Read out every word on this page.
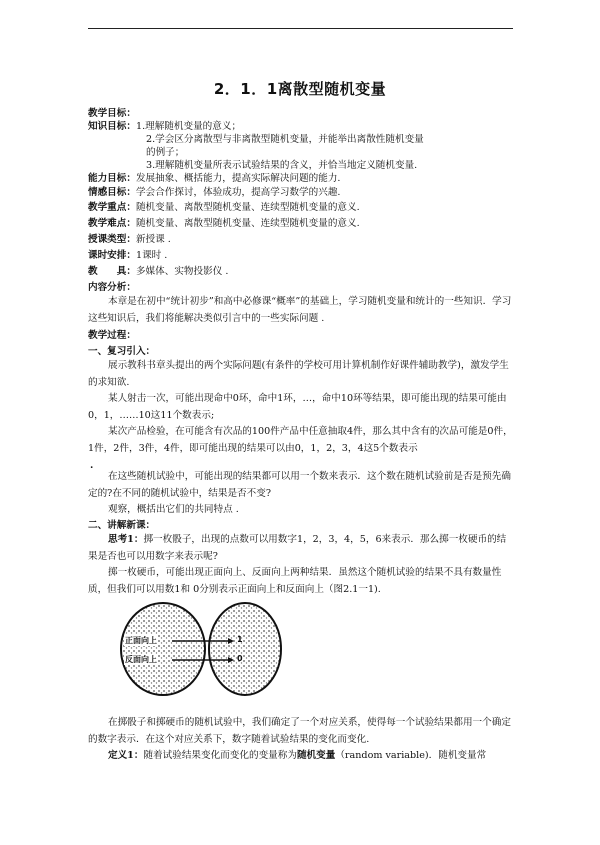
2．1．1离散型随机变量
教学目标：
知识目标：1.理解随机变量的意义；
2.学会区分离散型与非离散型随机变量，并能举出离散性随机变量
的例子；
3.理解随机变量所表示试验结果的含义，并恰当地定义随机变量.
能力目标：发展抽象、概括能力，提高实际解决问题的能力.
情感目标：学会合作探讨，体验成功，提高学习数学的兴趣.
教学重点：随机变量、离散型随机变量、连续型随机变量的意义.
教学难点：随机变量、离散型随机变量、连续型随机变量的意义.
授课类型：新授课 .
课时安排：1课时 .
教　　具：多媒体、实物投影仪 .
内容分析：
本章是在初中“统计初步”和高中必修课“概率”的基础上，学习随机变量和统计的一些知识．学习这些知识后，我们将能解决类似引言中的一些实际问题 .
教学过程：
一、复习引入：
展示教科书章头提出的两个实际问题(有条件的学校可用计算机制作好课件辅助教学)，激发学生的求知欲.
某人射击一次，可能出现命中0环，命中1环，…，命中10环等结果，即可能出现的结果可能由0，1，……10这11个数表示;
某次产品检验，在可能含有次品的100件产品中任意抽取4件，那么其中含有的次品可能是0件，1件，2件，3件，4件，即可能出现的结果可以由0，1，2，3，4这5个数表示
.
在这些随机试验中，可能出现的结果都可以用一个数来表示．这个数在随机试验前是否是预先确定的?在不同的随机试验中，结果是否不变?
观察，概括出它们的共同特点 .
二、讲解新课：
思考1：掷一枚骰子，出现的点数可以用数字1，2，3，4，5，6来表示．那么掷一枚硬币的结果是否也可以用数字来表示呢?
掷一枚硬币，可能出现正面向上、反面向上两种结果．虽然这个随机试验的结果不具有数量性质，但我们可以用数1和 0分别表示正面向上和反面向上（图2.1一1).
正面向上
反面向上
1
0
在掷骰子和掷硬币的随机试验中，我们确定了一个对应关系，使得每一个试验结果都用一个确定的数字表示．在这个对应关系下，数字随着试验结果的变化而变化.
定义1：随着试验结果变化而变化的变量称为随机变量（random variable)．随机变量常
